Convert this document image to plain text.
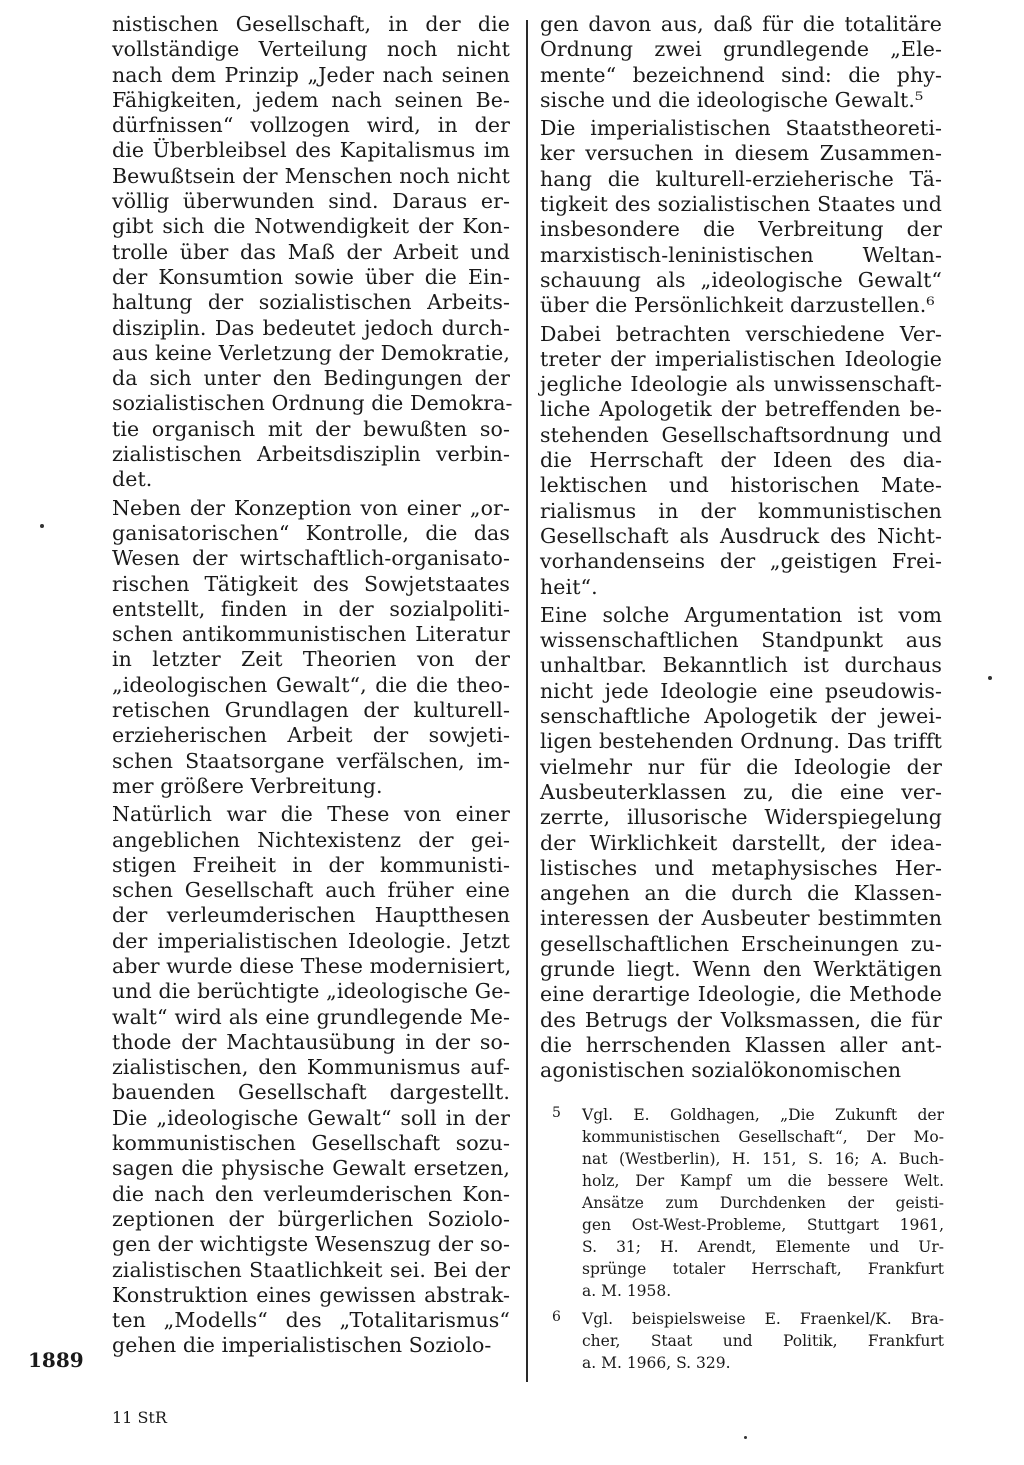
nistischen Gesellschaft, in der die
vollständige Verteilung noch nicht
nach dem Prinzip „Jeder nach seinen
Fähigkeiten, jedem nach seinen Be-
dürfnissen“ vollzogen wird, in der
die Überbleibsel des Kapitalismus im
Bewußtsein der Menschen noch nicht
völlig überwunden sind. Daraus er-
gibt sich die Notwendigkeit der Kon-
trolle über das Maß der Arbeit und
der Konsumtion sowie über die Ein-
haltung der sozialistischen Arbeits-
disziplin. Das bedeutet jedoch durch-
aus keine Verletzung der Demokratie,
da sich unter den Bedingungen der
sozialistischen Ordnung die Demokra-
tie organisch mit der bewußten so-
zialistischen Arbeitsdisziplin verbin-
det.

Neben der Konzeption von einer „or-
ganisatorischen“ Kontrolle, die das
Wesen der wirtschaftlich-organisato-
rischen Tätigkeit des Sowjetstaates
entstellt, finden in der sozialpoliti-
schen antikommunistischen Literatur
in letzter Zeit Theorien von der
„ideologischen Gewalt“, die die theo-
retischen Grundlagen der kulturell-
erzieherischen Arbeit der sowjeti-
schen Staatsorgane verfälschen, im-
mer größere Verbreitung.

Natürlich war die These von einer
angeblichen Nichtexistenz der gei-
stigen Freiheit in der kommunisti-
schen Gesellschaft auch früher eine
der verleumderischen Hauptthesen
der imperialistischen Ideologie. Jetzt
aber wurde diese These modernisiert,
und die berüchtigte „ideologische Ge-
walt“ wird als eine grundlegende Me-
thode der Machtausübung in der so-
zialistischen, den Kommunismus auf-
bauenden Gesellschaft dargestellt.
Die „ideologische Gewalt“ soll in der
kommunistischen Gesellschaft sozu-
sagen die physische Gewalt ersetzen,
die nach den verleumderischen Kon-
zeptionen der bürgerlichen Soziolo-
gen der wichtigste Wesenszug der so-
zialistischen Staatlichkeit sei. Bei der
Konstruktion eines gewissen abstrak-
ten „Modells“ des „Totalitarismus“
gehen die imperialistischen Soziolo-

gen davon aus, daß für die totalitäre
Ordnung zwei grundlegende „Ele-
mente“ bezeichnend sind: die phy-
sische und die ideologische Gewalt.⁵

Die imperialistischen Staatstheoreti-
ker versuchen in diesem Zusammen-
hang die kulturell-erzieherische Tä-
tigkeit des sozialistischen Staates und
insbesondere die Verbreitung der
marxistisch-leninistischen Weltan-
schauung als „ideologische Gewalt“
über die Persönlichkeit darzustellen.⁶

Dabei betrachten verschiedene Ver-
treter der imperialistischen Ideologie
jegliche Ideologie als unwissenschaft-
liche Apologetik der betreffenden be-
stehenden Gesellschaftsordnung und
die Herrschaft der Ideen des dia-
lektischen und historischen Mate-
rialismus in der kommunistischen
Gesellschaft als Ausdruck des Nicht-
vorhandenseins der „geistigen Frei-
heit“.

Eine solche Argumentation ist vom
wissenschaftlichen Standpunkt aus
unhaltbar. Bekanntlich ist durchaus
nicht jede Ideologie eine pseudowis-
senschaftliche Apologetik der jewei-
ligen bestehenden Ordnung. Das trifft
vielmehr nur für die Ideologie der
Ausbeuterklassen zu, die eine ver-
zerrte, illusorische Widerspiegelung
der Wirklichkeit darstellt, der idea-
listisches und metaphysisches Her-
angehen an die durch die Klassen-
interessen der Ausbeuter bestimmten
gesellschaftlichen Erscheinungen zu-
grunde liegt. Wenn den Werktätigen
eine derartige Ideologie, die Methode
des Betrugs der Volksmassen, die für
die herrschenden Klassen aller ant-
agonistischen sozialökonomischen

5 Vgl. E. Goldhagen, „Die Zukunft der
kommunistischen Gesellschaft“, Der Mo-
nat (Westberlin), H. 151, S. 16; A. Buch-
holz, Der Kampf um die bessere Welt.
Ansätze zum Durchdenken der geisti-
gen Ost-West-Probleme, Stuttgart 1961,
S. 31; H. Arendt, Elemente und Ur-
sprünge totaler Herrschaft, Frankfurt
a. M. 1958.
6 Vgl. beispielsweise E. Fraenkel/K. Bra-
cher, Staat und Politik, Frankfurt
a. M. 1966, S. 329.
1889
11 StR
